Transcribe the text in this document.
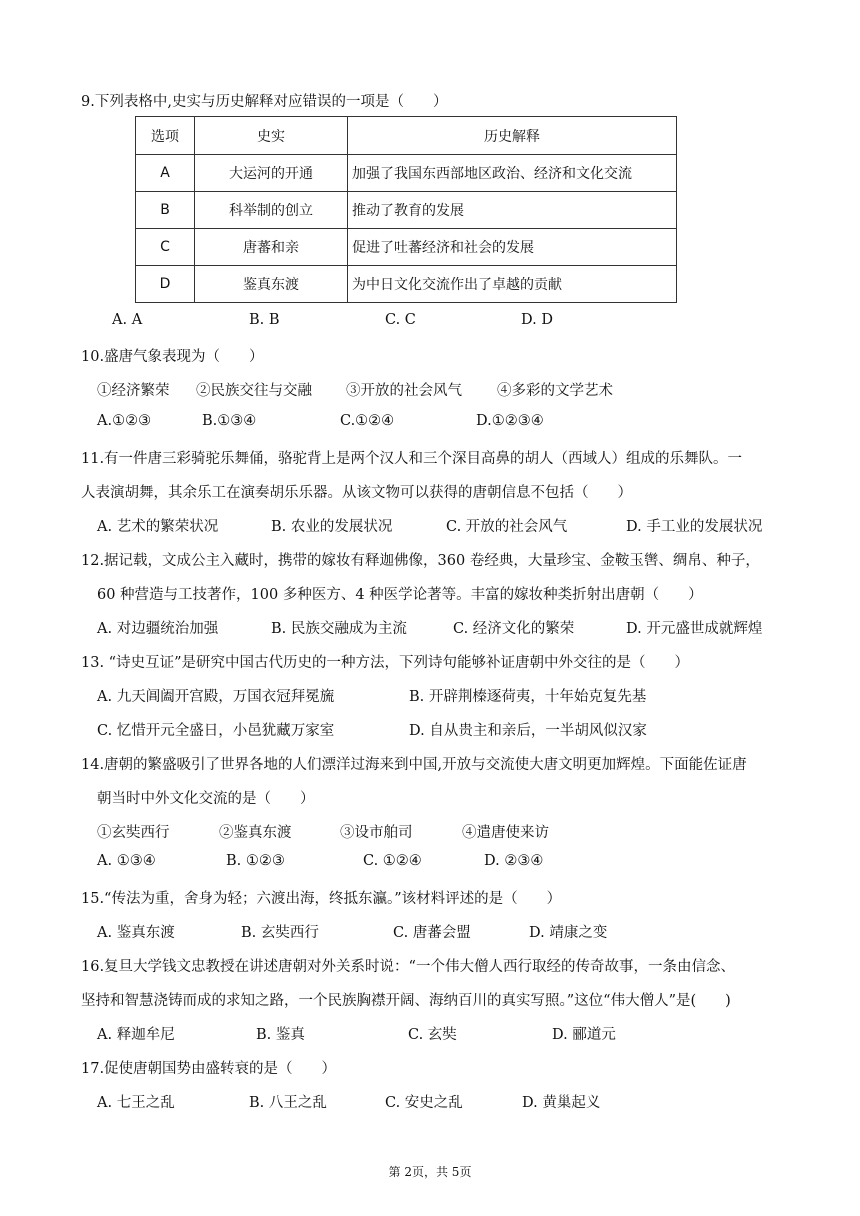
9.下列表格中,史实与历史解释对应错误的一项是（　　）
选项	史实	历史解释
A	大运河的开通	加强了我国东西部地区政治、经济和文化交流
B	科举制的创立	推动了教育的发展
C	唐蕃和亲	促进了吐蕃经济和社会的发展
D	鉴真东渡	为中日文化交流作出了卓越的贡献
A. A	B. B	C. C	D. D
10.盛唐气象表现为（　　）
①经济繁荣 ②民族交往与交融 ③开放的社会风气 ④多彩的文学艺术
A.①②③	B.①③④	C.①②④	D.①②③④
11.有一件唐三彩骑驼乐舞俑，骆驼背上是两个汉人和三个深目高鼻的胡人（西域人）组成的乐舞队。一
人表演胡舞，其余乐工在演奏胡乐乐器。从该文物可以获得的唐朝信息不包括（　　）
A. 艺术的繁荣状况	B. 农业的发展状况	C. 开放的社会风气	D. 手工业的发展状况
12.据记载，文成公主入藏时，携带的嫁妆有释迦佛像，360 卷经典，大量珍宝、金鞍玉辔、绸帛、种子，
60 种营造与工技著作，100 多种医方、4 种医学论著等。丰富的嫁妆种类折射出唐朝（　　）
A. 对边疆统治加强	B. 民族交融成为主流	C. 经济文化的繁荣	D. 开元盛世成就辉煌
13. “诗史互证”是研究中国古代历史的一种方法，下列诗句能够补证唐朝中外交往的是（　　）
A. 九天阊阖开宫殿，万国衣冠拜冕旒	B. 开辟荆榛逐荷夷，十年始克复先基
C. 忆惜开元全盛日，小邑犹藏万家室	D. 自从贵主和亲后，一半胡风似汉家
14.唐朝的繁盛吸引了世界各地的人们漂洋过海来到中国,开放与交流使大唐文明更加辉煌。下面能佐证唐
朝当时中外文化交流的是（　　）
①玄奘西行	②鉴真东渡	③设市舶司	④遣唐使来访
A. ①③④	B. ①②③	C. ①②④	D. ②③④
15.“传法为重，舍身为轻；六渡出海，终抵东瀛。”该材料评述的是（　　）
A. 鉴真东渡	B. 玄奘西行	C. 唐蕃会盟	D. 靖康之变
16.复旦大学钱文忠教授在讲述唐朝对外关系时说：“一个伟大僧人西行取经的传奇故事，一条由信念、
坚持和智慧浇铸而成的求知之路，一个民族胸襟开阔、海纳百川的真实写照。”这位“伟大僧人”是(　　)
A. 释迦牟尼	B. 鉴真	C. 玄奘	D. 郦道元
17.促使唐朝国势由盛转衰的是（　　）
A. 七王之乱	B. 八王之乱	C. 安史之乱	D. 黄巢起义
第 2页，共 5页
